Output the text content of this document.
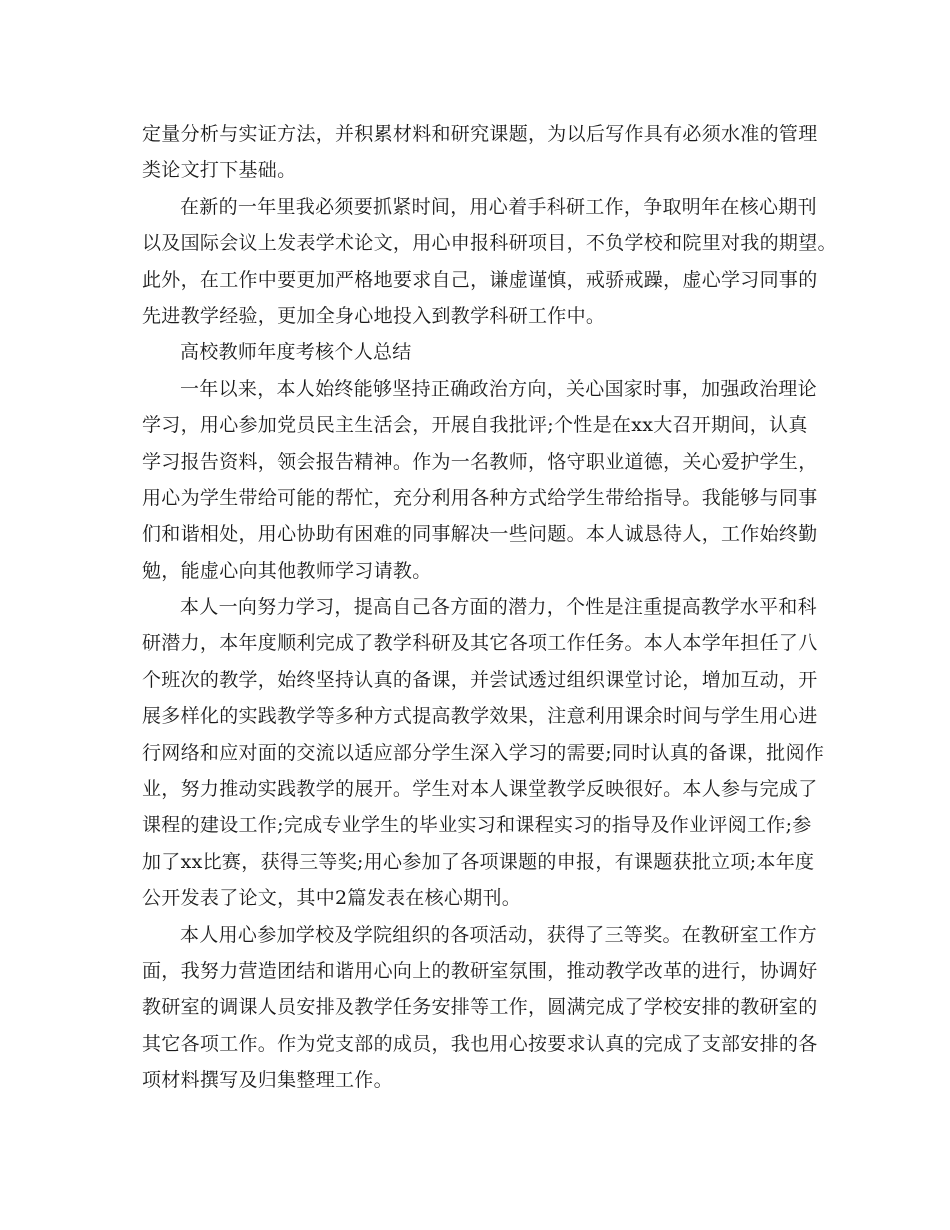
定量分析与实证方法，并积累材料和研究课题，为以后写作具有必须水准的管理
类论文打下基础。
在新的一年里我必须要抓紧时间，用心着手科研工作，争取明年在核心期刊
以及国际会议上发表学术论文，用心申报科研项目，不负学校和院里对我的期望。
此外，在工作中要更加严格地要求自己，谦虚谨慎，戒骄戒躁，虚心学习同事的
先进教学经验，更加全身心地投入到教学科研工作中。
高校教师年度考核个人总结
一年以来，本人始终能够坚持正确政治方向，关心国家时事，加强政治理论
学习，用心参加党员民主生活会，开展自我批评;个性是在xx大召开期间，认真
学习报告资料，领会报告精神。作为一名教师，恪守职业道德，关心爱护学生，
用心为学生带给可能的帮忙，充分利用各种方式给学生带给指导。我能够与同事
们和谐相处，用心协助有困难的同事解决一些问题。本人诚恳待人，工作始终勤
勉，能虚心向其他教师学习请教。
本人一向努力学习，提高自己各方面的潜力，个性是注重提高教学水平和科
研潜力，本年度顺利完成了教学科研及其它各项工作任务。本人本学年担任了八
个班次的教学，始终坚持认真的备课，并尝试透过组织课堂讨论，增加互动，开
展多样化的实践教学等多种方式提高教学效果，注意利用课余时间与学生用心进
行网络和应对面的交流以适应部分学生深入学习的需要;同时认真的备课，批阅作
业，努力推动实践教学的展开。学生对本人课堂教学反映很好。本人参与完成了
课程的建设工作;完成专业学生的毕业实习和课程实习的指导及作业评阅工作;参
加了xx比赛，获得三等奖;用心参加了各项课题的申报，有课题获批立项;本年度
公开发表了论文，其中2篇发表在核心期刊。
本人用心参加学校及学院组织的各项活动，获得了三等奖。在教研室工作方
面，我努力营造团结和谐用心向上的教研室氛围，推动教学改革的进行，协调好
教研室的调课人员安排及教学任务安排等工作，圆满完成了学校安排的教研室的
其它各项工作。作为党支部的成员，我也用心按要求认真的完成了支部安排的各
项材料撰写及归集整理工作。
